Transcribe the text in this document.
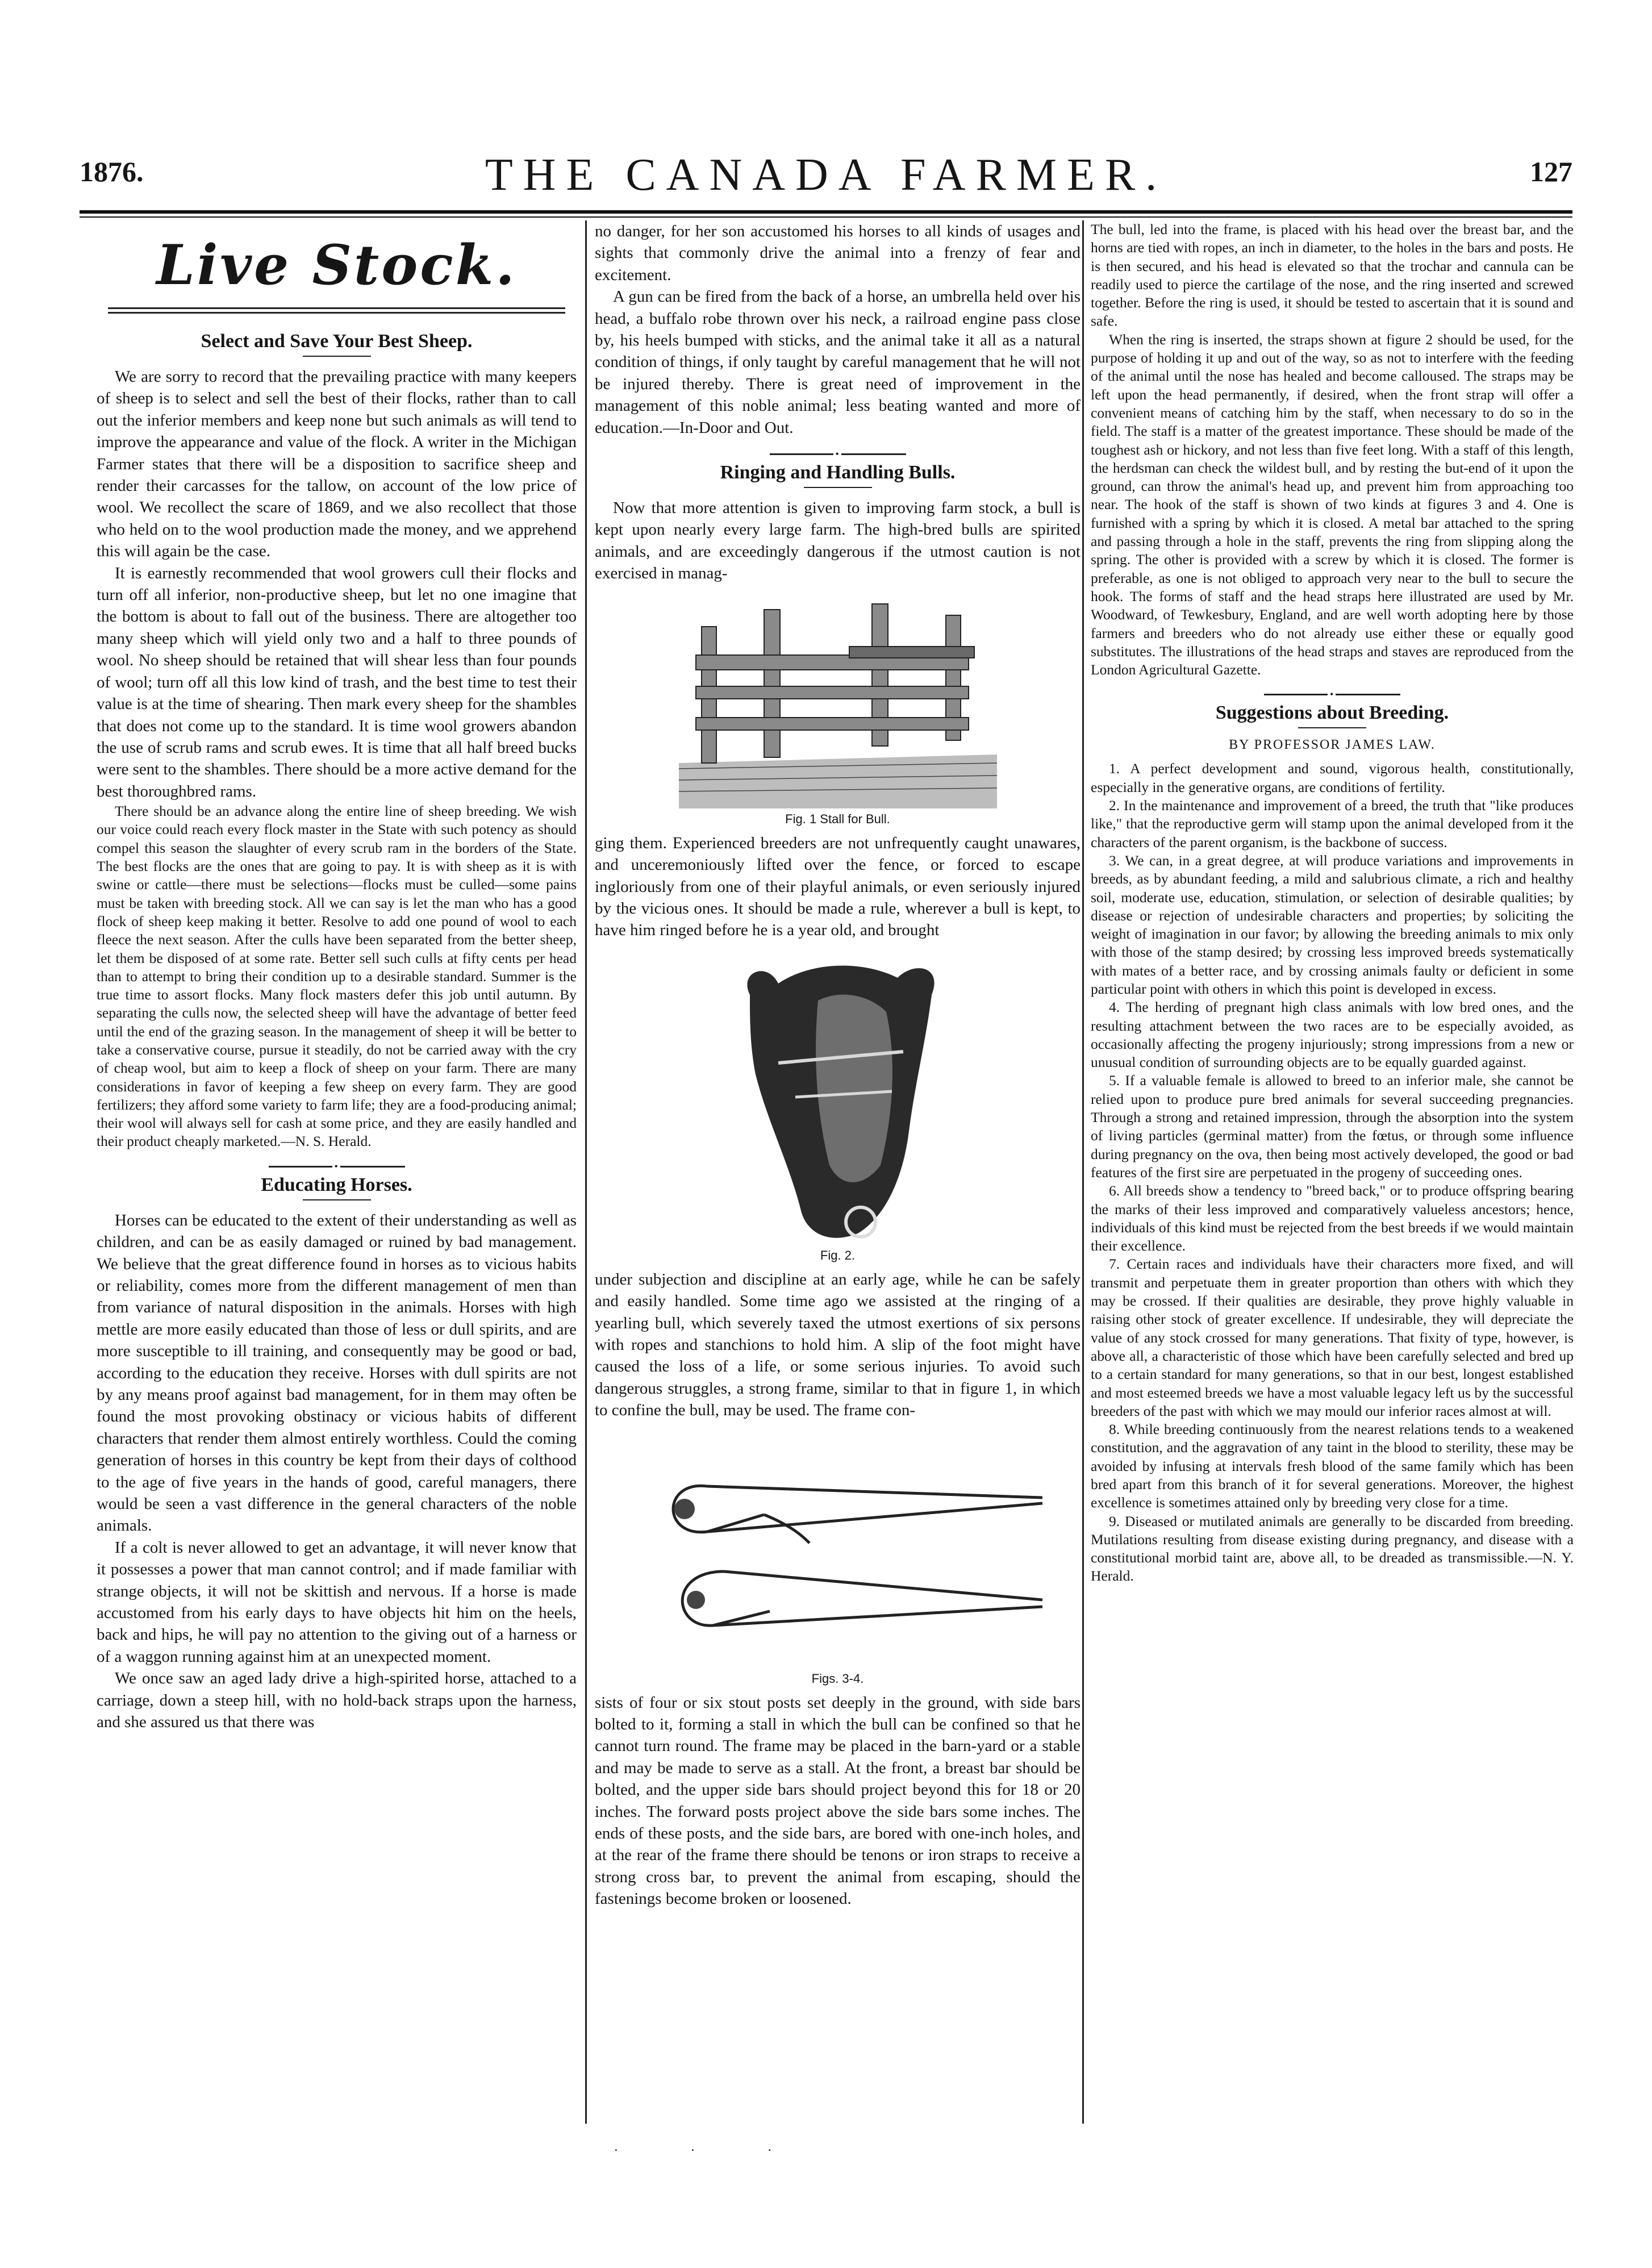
1876.	THE CANADA FARMER.	127
Live Stock.
Select and Save Your Best Sheep.

We are sorry to record that the prevailing practice with many keepers of sheep is to select and sell the best of their flocks, rather than to call out the inferior members and keep none but such animals as will tend to improve the appearance and value of the flock. A writer in the Michigan Farmer states that there will be a disposition to sacrifice sheep and render their carcasses for the tallow, on account of the low price of wool. We recollect the scare of 1869, and we also recollect that those who held on to the wool production made the money, and we apprehend this will again be the case.

It is earnestly recommended that wool growers cull their flocks and turn off all inferior, non-productive sheep, but let no one imagine that the bottom is about to fall out of the business. There are altogether too many sheep which will yield only two and a half to three pounds of wool. No sheep should be retained that will shear less than four pounds of wool; turn off all this low kind of trash, and the best time to test their value is at the time of shearing. Then mark every sheep for the shambles that does not come up to the standard. It is time wool growers abandon the use of scrub rams and scrub ewes. It is time that all half breed bucks were sent to the shambles. There should be a more active demand for the best thoroughbred rams.

There should be an advance along the entire line of sheep breeding. We wish our voice could reach every flock master in the State with such potency as should compel this season the slaughter of every scrub ram in the borders of the State. The best flocks are the ones that are going to pay. It is with sheep as it is with swine or cattle—there must be selections—flocks must be culled—some pains must be taken with breeding stock. All we can say is let the man who has a good flock of sheep keep making it better. Resolve to add one pound of wool to each fleece the next season. After the culls have been separated from the better sheep, let them be disposed of at some rate. Better sell such culls at fifty cents per head than to attempt to bring their condition up to a desirable standard. Summer is the true time to assort flocks. Many flock masters defer this job until autumn. By separating the culls now, the selected sheep will have the advantage of better feed until the end of the grazing season. In the management of sheep it will be better to take a conservative course, pursue it steadily, do not be carried away with the cry of cheap wool, but aim to keep a flock of sheep on your farm. There are many considerations in favor of keeping a few sheep on every farm. They are good fertilizers; they afford some variety to farm life; they are a food-producing animal; their wool will always sell for cash at some price, and they are easily handled and their product cheaply marketed.—N. S. Herald.

•
Educating Horses.

Horses can be educated to the extent of their understanding as well as children, and can be as easily damaged or ruined by bad management. We believe that the great difference found in horses as to vicious habits or reliability, comes more from the different management of men than from variance of natural disposition in the animals. Horses with high mettle are more easily educated than those of less or dull spirits, and are more susceptible to ill training, and consequently may be good or bad, according to the education they receive. Horses with dull spirits are not by any means proof against bad management, for in them may often be found the most provoking obstinacy or vicious habits of different characters that render them almost entirely worthless. Could the coming generation of horses in this country be kept from their days of colthood to the age of five years in the hands of good, careful managers, there would be seen a vast difference in the general characters of the noble animals.

If a colt is never allowed to get an advantage, it will never know that it possesses a power that man cannot control; and if made familiar with strange objects, it will not be skittish and nervous. If a horse is made accustomed from his early days to have objects hit him on the heels, back and hips, he will pay no attention to the giving out of a harness or of a waggon running against him at an unexpected moment.

We once saw an aged lady drive a high-spirited horse, attached to a carriage, down a steep hill, with no hold-back straps upon the harness, and she assured us that there was

no danger, for her son accustomed his horses to all kinds of usages and sights that commonly drive the animal into a frenzy of fear and excitement.

A gun can be fired from the back of a horse, an umbrella held over his head, a buffalo robe thrown over his neck, a railroad engine pass close by, his heels bumped with sticks, and the animal take it all as a natural condition of things, if only taught by careful management that he will not be injured thereby. There is great need of improvement in the management of this noble animal; less beating wanted and more of education.—In-Door and Out.

•
Ringing and Handling Bulls.

Now that more attention is given to improving farm stock, a bull is kept upon nearly every large farm. The high-bred bulls are spirited animals, and are exceedingly dangerous if the utmost caution is not exercised in manag-

Fig. 1 Stall for Bull.

ging them. Experienced breeders are not unfrequently caught unawares, and unceremoniously lifted over the fence, or forced to escape ingloriously from one of their playful animals, or even seriously injured by the vicious ones. It should be made a rule, wherever a bull is kept, to have him ringed before he is a year old, and brought

Fig. 2.

under subjection and discipline at an early age, while he can be safely and easily handled. Some time ago we assisted at the ringing of a yearling bull, which severely taxed the utmost exertions of six persons with ropes and stanchions to hold him. A slip of the foot might have caused the loss of a life, or some serious injuries. To avoid such dangerous struggles, a strong frame, similar to that in figure 1, in which to confine the bull, may be used. The frame con-

Figs. 3-4.

sists of four or six stout posts set deeply in the ground, with side bars bolted to it, forming a stall in which the bull can be confined so that he cannot turn round. The frame may be placed in the barn-yard or a stable and may be made to serve as a stall. At the front, a breast bar should be bolted, and the upper side bars should project beyond this for 18 or 20 inches. The forward posts project above the side bars some inches. The ends of these posts, and the side bars, are bored with one-inch holes, and at the rear of the frame there should be tenons or iron straps to receive a strong cross bar, to prevent the animal from escaping, should the fastenings become broken or loosened.

The bull, led into the frame, is placed with his head over the breast bar, and the horns are tied with ropes, an inch in diameter, to the holes in the bars and posts. He is then secured, and his head is elevated so that the trochar and cannula can be readily used to pierce the cartilage of the nose, and the ring inserted and screwed together. Before the ring is used, it should be tested to ascertain that it is sound and safe.

When the ring is inserted, the straps shown at figure 2 should be used, for the purpose of holding it up and out of the way, so as not to interfere with the feeding of the animal until the nose has healed and become calloused. The straps may be left upon the head permanently, if desired, when the front strap will offer a convenient means of catching him by the staff, when necessary to do so in the field. The staff is a matter of the greatest importance. These should be made of the toughest ash or hickory, and not less than five feet long. With a staff of this length, the herdsman can check the wildest bull, and by resting the but-end of it upon the ground, can throw the animal's head up, and prevent him from approaching too near. The hook of the staff is shown of two kinds at figures 3 and 4. One is furnished with a spring by which it is closed. A metal bar attached to the spring and passing through a hole in the staff, prevents the ring from slipping along the spring. The other is provided with a screw by which it is closed. The former is preferable, as one is not obliged to approach very near to the bull to secure the hook. The forms of staff and the head straps here illustrated are used by Mr. Woodward, of Tewkesbury, England, and are well worth adopting here by those farmers and breeders who do not already use either these or equally good substitutes. The illustrations of the head straps and staves are reproduced from the London Agricultural Gazette.

•
Suggestions about Breeding.
BY PROFESSOR JAMES LAW.

1. A perfect development and sound, vigorous health, constitutionally, especially in the generative organs, are conditions of fertility.

2. In the maintenance and improvement of a breed, the truth that "like produces like," that the reproductive germ will stamp upon the animal developed from it the characters of the parent organism, is the backbone of success.

3. We can, in a great degree, at will produce variations and improvements in breeds, as by abundant feeding, a mild and salubrious climate, a rich and healthy soil, moderate use, education, stimulation, or selection of desirable qualities; by disease or rejection of undesirable characters and properties; by soliciting the weight of imagination in our favor; by allowing the breeding animals to mix only with those of the stamp desired; by crossing less improved breeds systematically with mates of a better race, and by crossing animals faulty or deficient in some particular point with others in which this point is developed in excess.

4. The herding of pregnant high class animals with low bred ones, and the resulting attachment between the two races are to be especially avoided, as occasionally affecting the progeny injuriously; strong impressions from a new or unusual condition of surrounding objects are to be equally guarded against.

5. If a valuable female is allowed to breed to an inferior male, she cannot be relied upon to produce pure bred animals for several succeeding pregnancies. Through a strong and retained impression, through the absorption into the system of living particles (germinal matter) from the fœtus, or through some influence during pregnancy on the ova, then being most actively developed, the good or bad features of the first sire are perpetuated in the progeny of succeeding ones.

6. All breeds show a tendency to "breed back," or to produce offspring bearing the marks of their less improved and comparatively valueless ancestors; hence, individuals of this kind must be rejected from the best breeds if we would maintain their excellence.

7. Certain races and individuals have their characters more fixed, and will transmit and perpetuate them in greater proportion than others with which they may be crossed. If their qualities are desirable, they prove highly valuable in raising other stock of greater excellence. If undesirable, they will depreciate the value of any stock crossed for many generations. That fixity of type, however, is above all, a characteristic of those which have been carefully selected and bred up to a certain standard for many generations, so that in our best, longest established and most esteemed breeds we have a most valuable legacy left us by the successful breeders of the past with which we may mould our inferior races almost at will.

8. While breeding continuously from the nearest relations tends to a weakened constitution, and the aggravation of any taint in the blood to sterility, these may be avoided by infusing at intervals fresh blood of the same family which has been bred apart from this branch of it for several generations. Moreover, the highest excellence is sometimes attained only by breeding very close for a time.

9. Diseased or mutilated animals are generally to be discarded from breeding. Mutilations resulting from disease existing during pregnancy, and disease with a constitutional morbid taint are, above all, to be dreaded as transmissible.—N. Y. Herald.

· · ·
